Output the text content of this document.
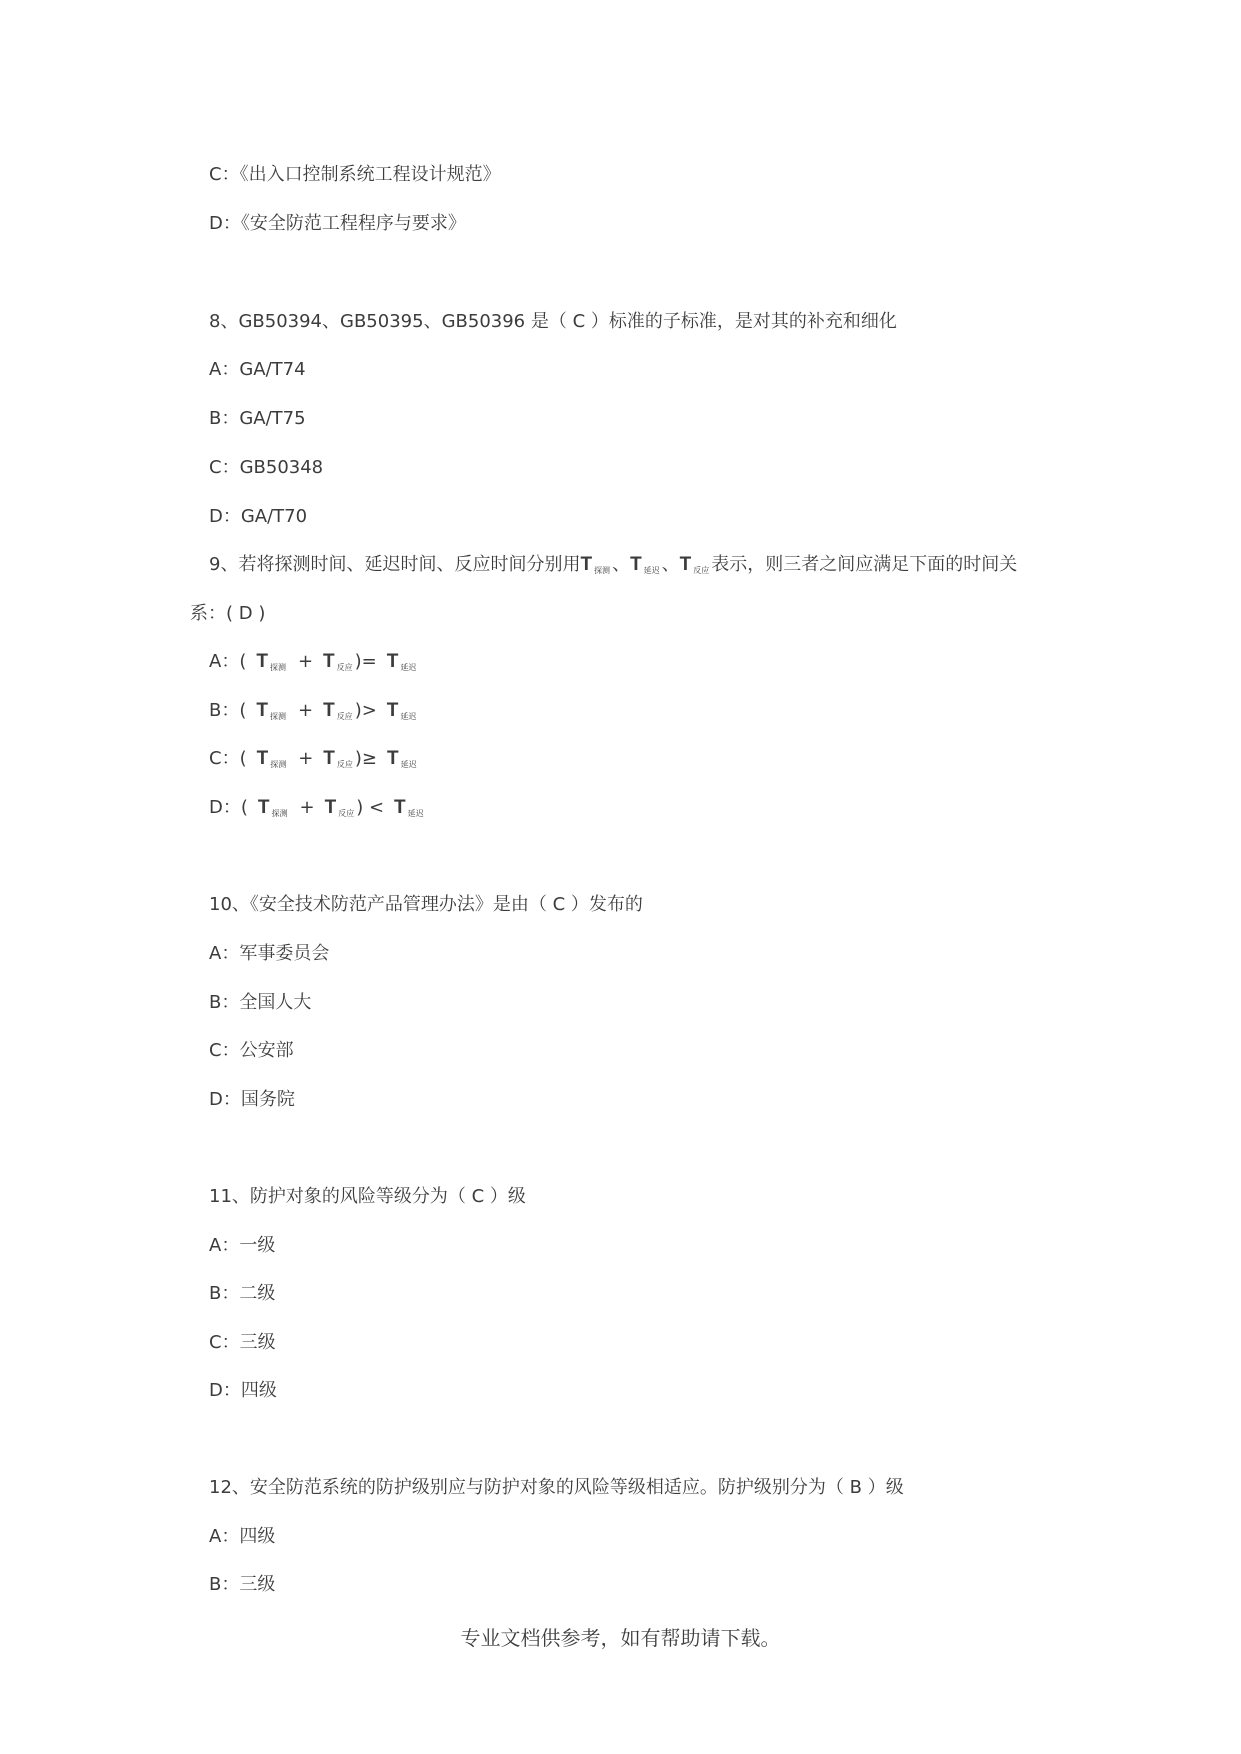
C：《出入口控制系统工程设计规范》
D：《安全防范工程程序与要求》
8、GB50394、GB50395、GB50396 是（ C ）标准的子标准，是对其的补充和细化
A：GA/T74
B：GA/T75
C：GB50348
D：GA/T70
9、若将探测时间、延迟时间、反应时间分别用T $_{探测}$ 、T $_{延迟}$ 、T $_{反应}$ 表示，则三者之间应满足下面的时间关
系：( D )
A：( T $_{探测}$ + T $_{反应}$ )= T $_{延迟}$
B：( T $_{探测}$ + T $_{反应}$ )> T $_{延迟}$
C：( T $_{探测}$ + T $_{反应}$ )≥ T $_{延迟}$
D：( T $_{探测}$ + T $_{反应}$ ) < T $_{延迟}$
10、《安全技术防范产品管理办法》是由（ C ）发布的
A：军事委员会
B：全国人大
C：公安部
D：国务院
11、防护对象的风险等级分为（ C ）级
A：一级
B：二级
C：三级
D：四级
12、安全防范系统的防护级别应与防护对象的风险等级相适应。防护级别分为（ B ）级
A：四级
B：三级
专业文档供参考，如有帮助请下载。
